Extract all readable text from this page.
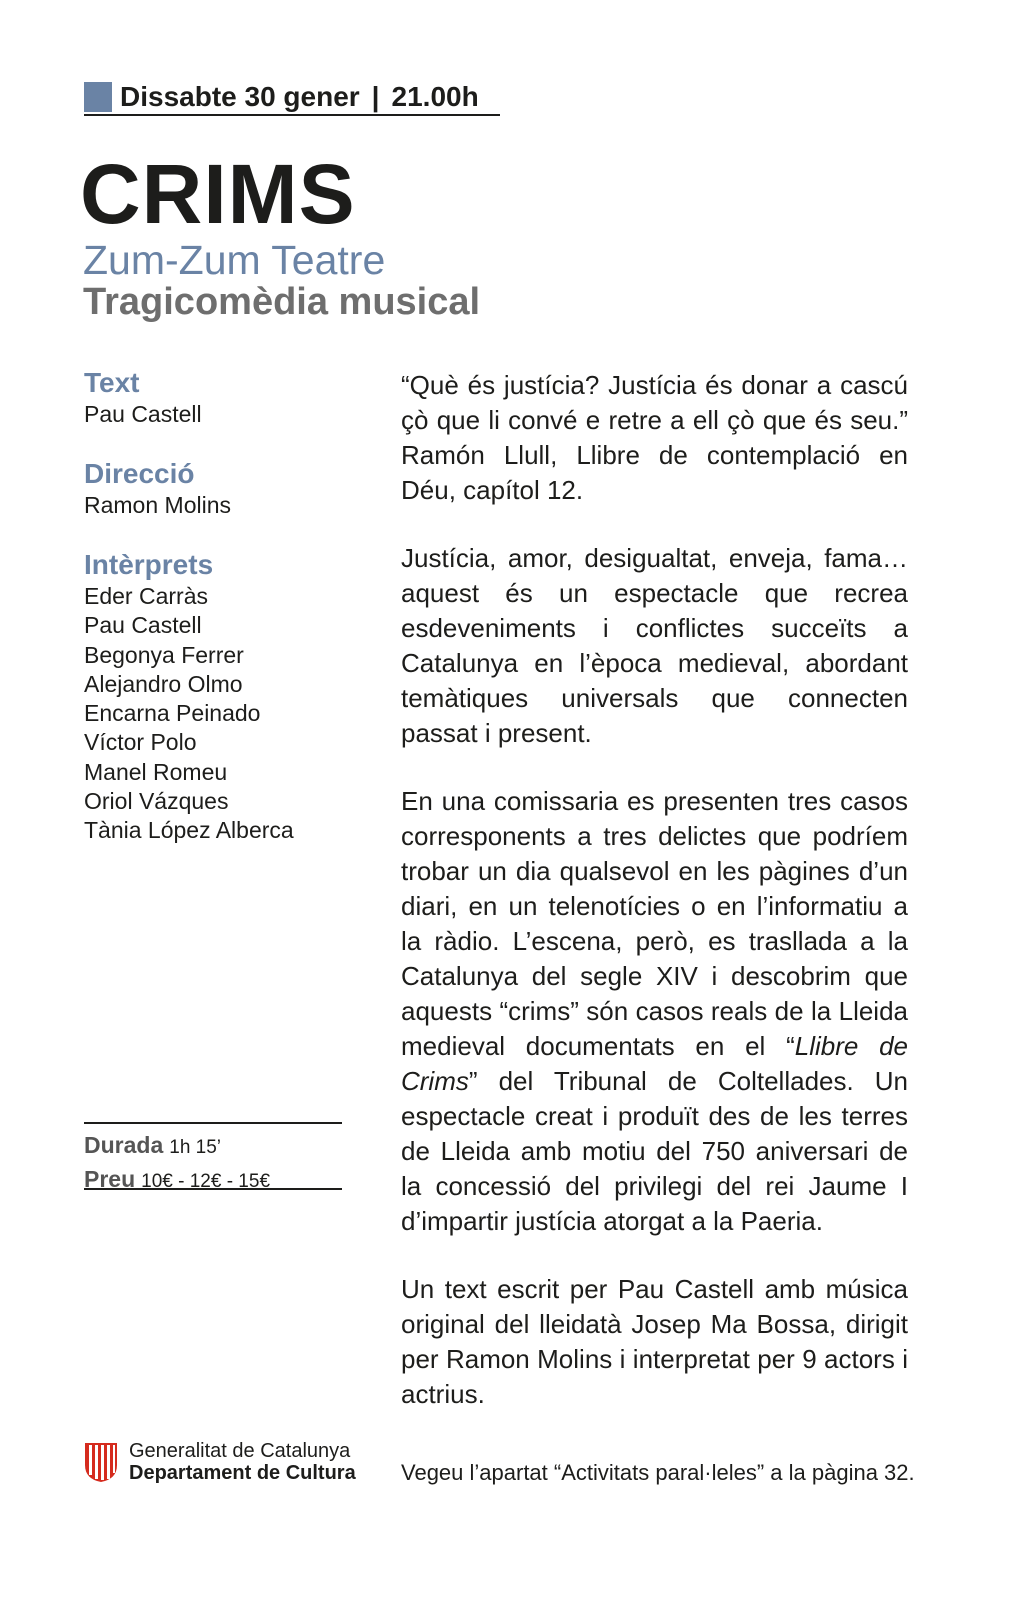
Dissabte 30 gener | 21.00h
CRIMS
Zum-Zum Teatre
Tragicomèdia musical
Text
Pau Castell
Direcció
Ramon Molins
Intèrprets
Eder Carràs
Pau Castell
Begonya Ferrer
Alejandro Olmo
Encarna Peinado
Víctor Polo
Manel Romeu
Oriol Vázques
Tània López Alberca
Durada 1h 15’
Preu 10€ - 12€ - 15€

“Què és justícia? Justícia és donar a cascú çò que li convé e retre a ell çò que és seu.” Ramón Llull, Llibre de contemplació en Déu, capítol 12.

Justícia, amor, desigualtat, enveja, fama… aquest és un espectacle que recrea esdeveniments i conflictes succeïts a Catalunya en l’època medieval, abordant temàtiques universals que connecten passat i present.

En una comissaria es presenten tres casos corresponents a tres delictes que podríem trobar un dia qualsevol en les pàgines d’un diari, en un telenotícies o en l’informatiu a la ràdio. L’escena, però, es trasllada a la Catalunya del segle XIV i descobrim que aquests “crims” són casos reals de la Lleida medieval documentats en el “Llibre de Crims” del Tribunal de Coltellades. Un espectacle creat i produït des de les terres de Lleida amb motiu del 750 aniversari de la concessió del privilegi del rei Jaume I d’impartir justícia atorgat a la Paeria.

Un text escrit per Pau Castell amb música original del lleidatà Josep Ma Bossa, dirigit per Ramon Molins i interpretat per 9 actors i actrius.

Generalitat de Catalunya
Departament de Cultura Vegeu l’apartat “Activitats paral·leles” a la pàgina 32.
